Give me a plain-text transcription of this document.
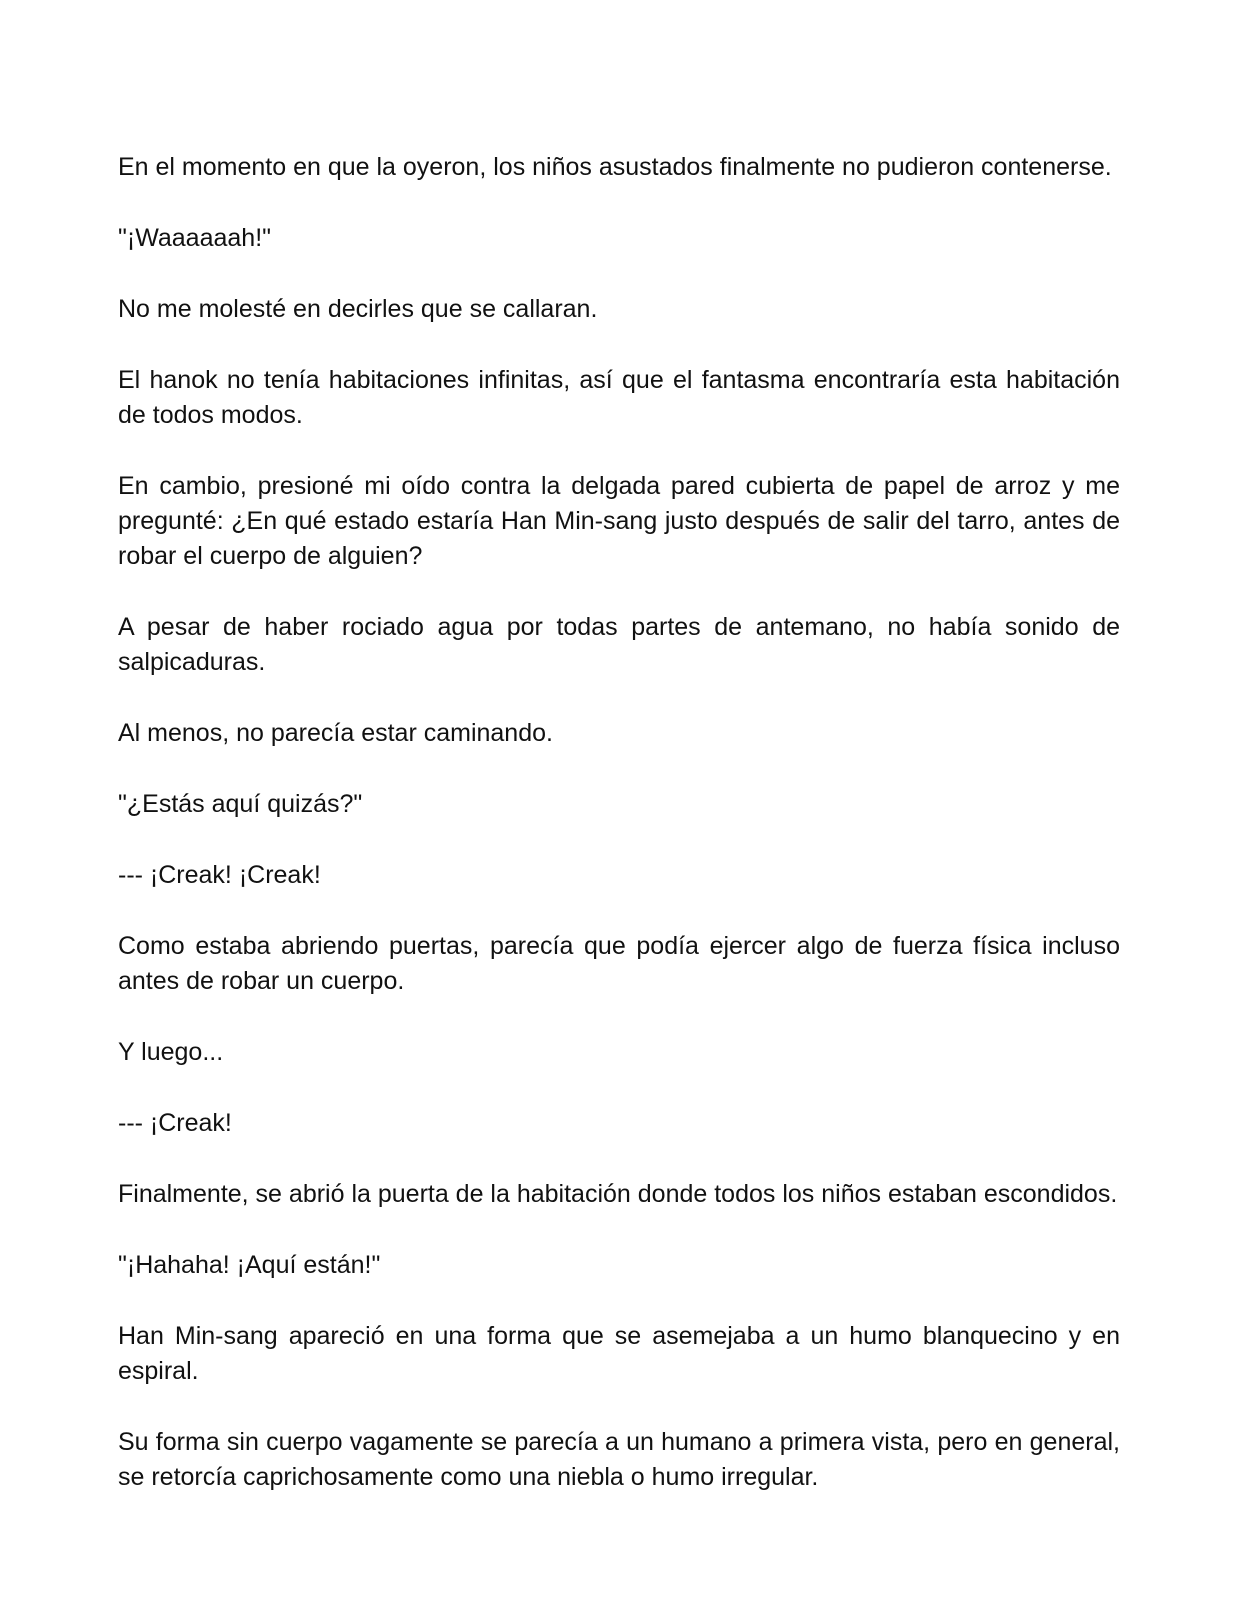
En el momento en que la oyeron, los niños asustados finalmente no pudieron contenerse.

"¡Waaaaaah!"

No me molesté en decirles que se callaran.

El hanok no tenía habitaciones infinitas, así que el fantasma encontraría esta habitación de todos modos.

En cambio, presioné mi oído contra la delgada pared cubierta de papel de arroz y me pregunté: ¿En qué estado estaría Han Min-sang justo después de salir del tarro, antes de robar el cuerpo de alguien?

A pesar de haber rociado agua por todas partes de antemano, no había sonido de salpicaduras.

Al menos, no parecía estar caminando.

"¿Estás aquí quizás?"

--- ¡Creak! ¡Creak!

Como estaba abriendo puertas, parecía que podía ejercer algo de fuerza física incluso antes de robar un cuerpo.

Y luego...

--- ¡Creak!

Finalmente, se abrió la puerta de la habitación donde todos los niños estaban escondidos.

"¡Hahaha! ¡Aquí están!"

Han Min-sang apareció en una forma que se asemejaba a un humo blanquecino y en espiral.

Su forma sin cuerpo vagamente se parecía a un humano a primera vista, pero en general, se retorcía caprichosamente como una niebla o humo irregular.
